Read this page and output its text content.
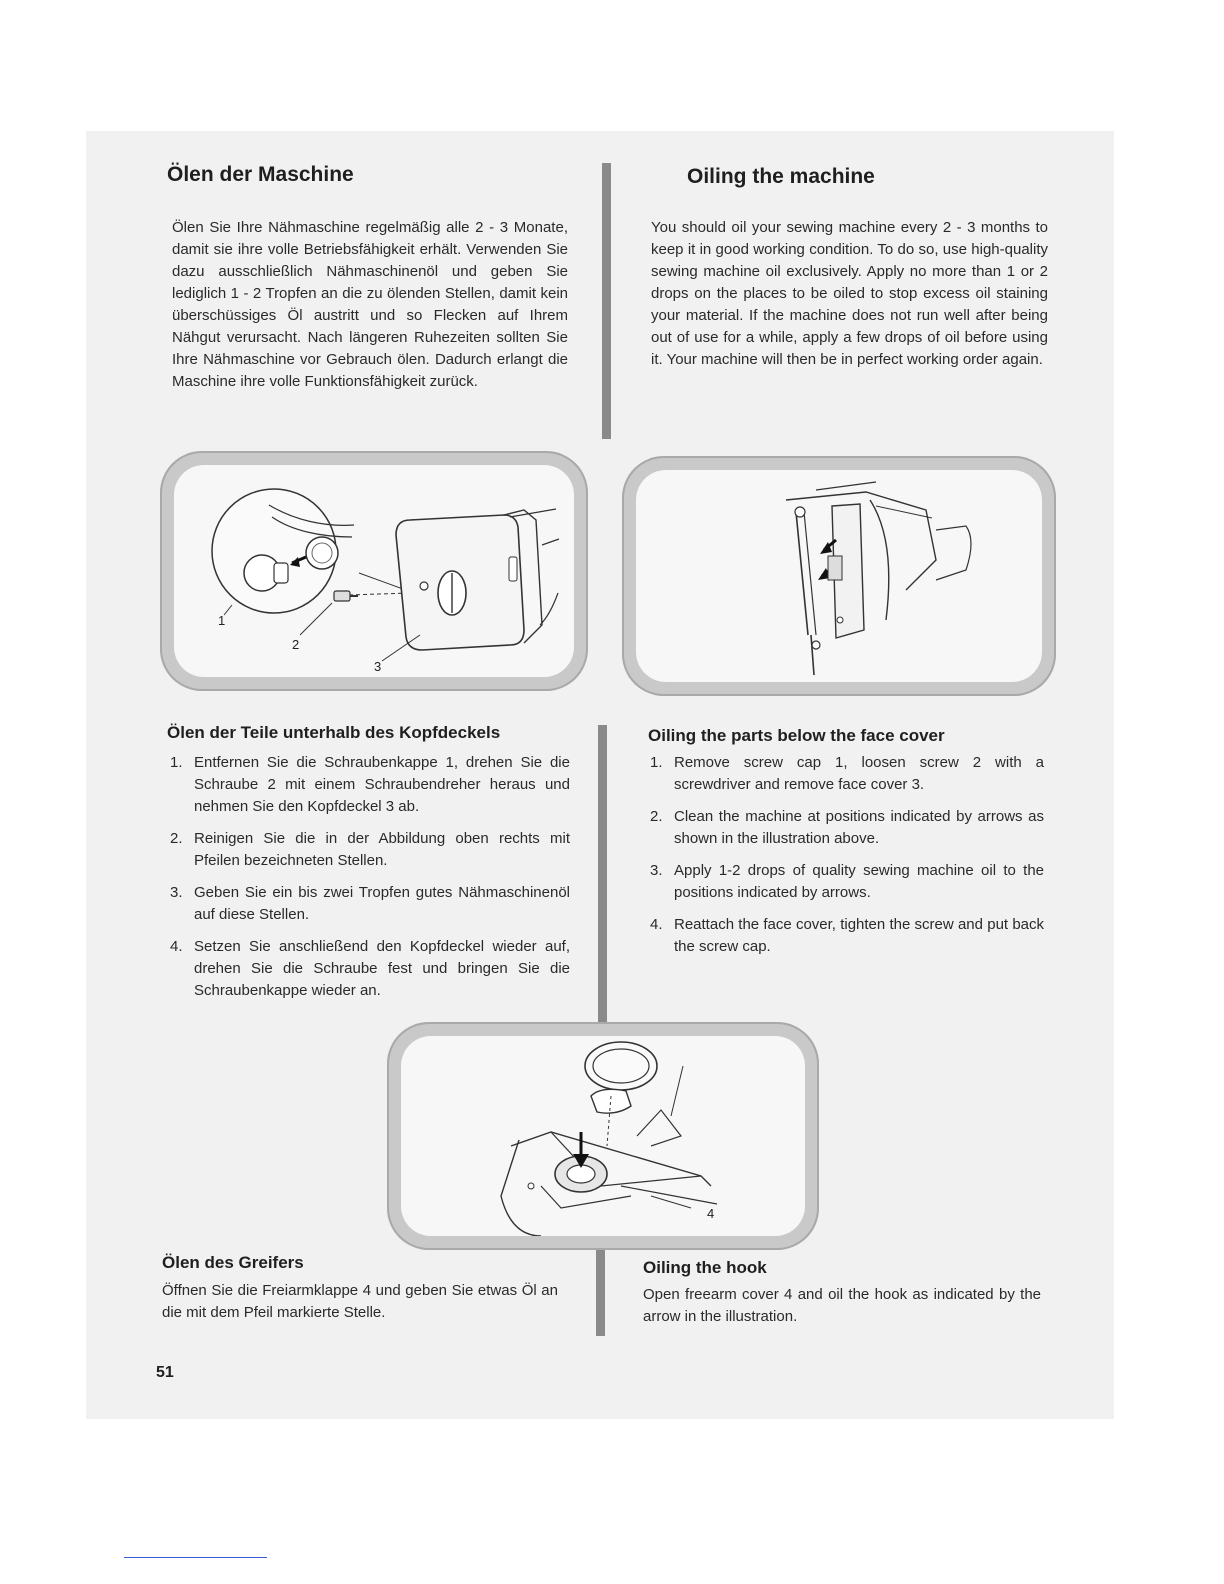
Ölen der Maschine

Ölen Sie Ihre Nähmaschine regelmäßig alle 2 - 3 Monate, damit sie ihre volle Betriebsfähigkeit erhält. Verwenden Sie dazu ausschließlich Nähmaschinenöl und geben Sie lediglich 1 - 2 Tropfen an die zu ölenden Stellen, damit kein überschüssiges Öl austritt und so Flecken auf Ihrem Nähgut verursacht. Nach längeren Ruhezeiten sollten Sie Ihre Nähmaschine vor Gebrauch ölen. Dadurch erlangt die Maschine ihre volle Funktionsfähigkeit zurück.

Oiling the machine

You should oil your sewing machine every 2 - 3 months to keep it in good working condition. To do so, use high-quality sewing machine oil exclusively. Apply no more than 1 or 2 drops on the places to be oiled to stop excess oil staining your material. If the machine does not run well after being out of use for a while, apply a few drops of oil before using it. Your machine will then be in perfect working order again.

1
2
3
Ölen der Teile unterhalb des Kopfdeckels
1. Entfernen Sie die Schraubenkappe 1, drehen Sie die Schraube 2 mit einem Schraubendreher heraus und nehmen Sie den Kopfdeckel 3 ab.
2. Reinigen Sie die in der Abbildung oben rechts mit Pfeilen bezeichneten Stellen.
3. Geben Sie ein bis zwei Tropfen gutes Nähmaschinenöl auf diese Stellen.
4. Setzen Sie anschließend den Kopfdeckel wieder auf, drehen Sie die Schraube fest und bringen Sie die Schraubenkappe wieder an.
Oiling the parts below the face cover
1. Remove screw cap 1, loosen screw 2 with a screwdriver and remove face cover 3.
2. Clean the machine at positions indicated by arrows as shown in the illustration above.
3. Apply 1-2 drops of quality sewing machine oil to the positions indicated by arrows.
4. Reattach the face cover, tighten the screw and put back the screw cap.
4
Ölen des Greifers

Öffnen Sie die Freiarmklappe 4 und geben Sie etwas Öl an die mit dem Pfeil markierte Stelle.

Oiling the hook

Open freearm cover 4 and oil the hook as indicated by the arrow in the illustration.

51
